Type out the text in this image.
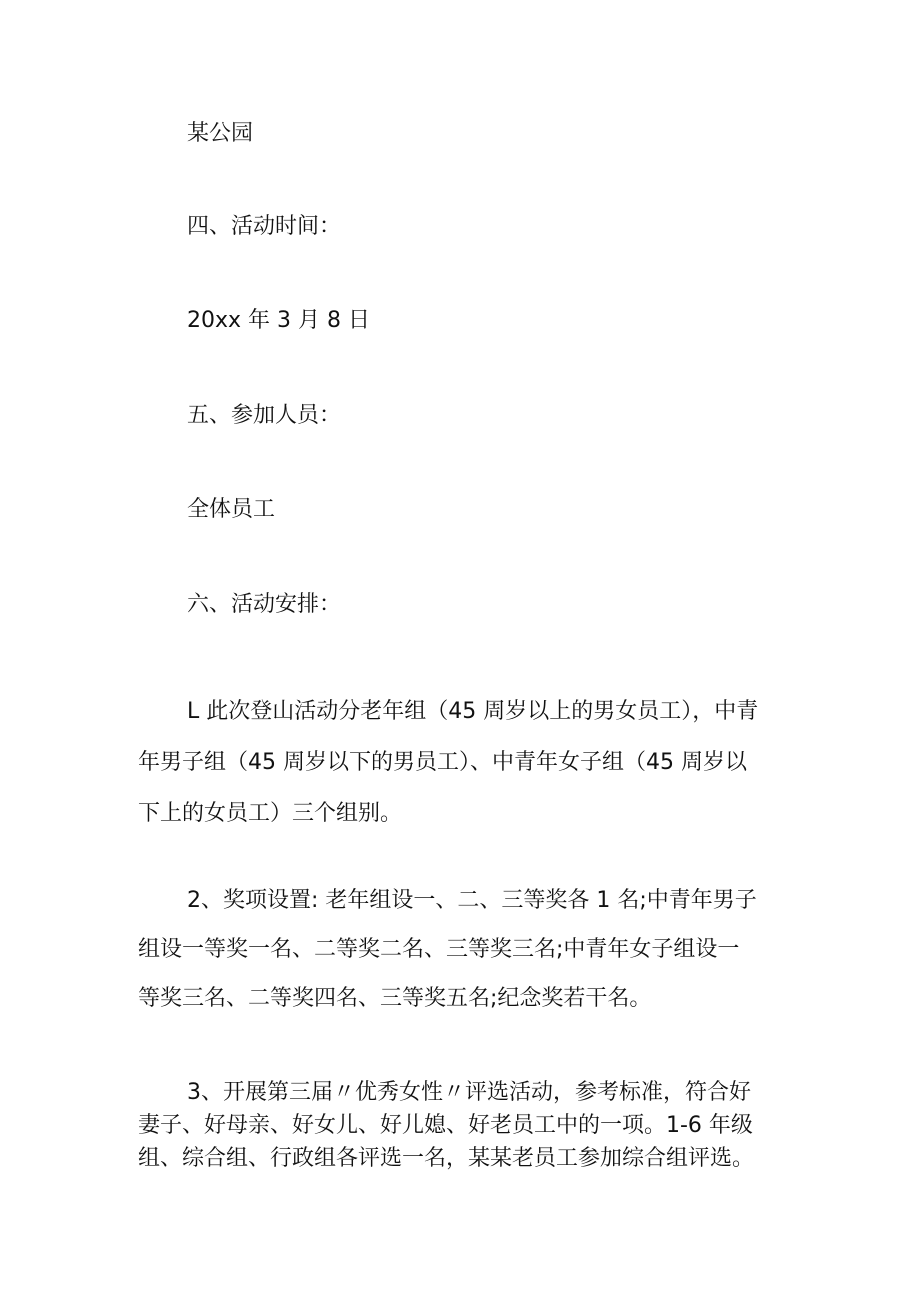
某公园

四、活动时间：

20xx 年 3 月 8 日

五、参加人员：

全体员工

六、活动安排：

L 此次登山活动分老年组（45 周岁以上的男女员工），中青
年男子组（45 周岁以下的男员工）、中青年女子组（45 周岁以
下上的女员工）三个组别。
2、奖项设置: 老年组设一、二、三等奖各 1 名;中青年男子
组设一等奖一名、二等奖二名、三等奖三名;中青年女子组设一
等奖三名、二等奖四名、三等奖五名;纪念奖若干名。
3、开展第三届〃优秀女性〃评选活动，参考标准，符合好
妻子、好母亲、好女儿、好儿媳、好老员工中的一项。1-6 年级
组、综合组、行政组各评选一名，某某老员工参加综合组评选。
